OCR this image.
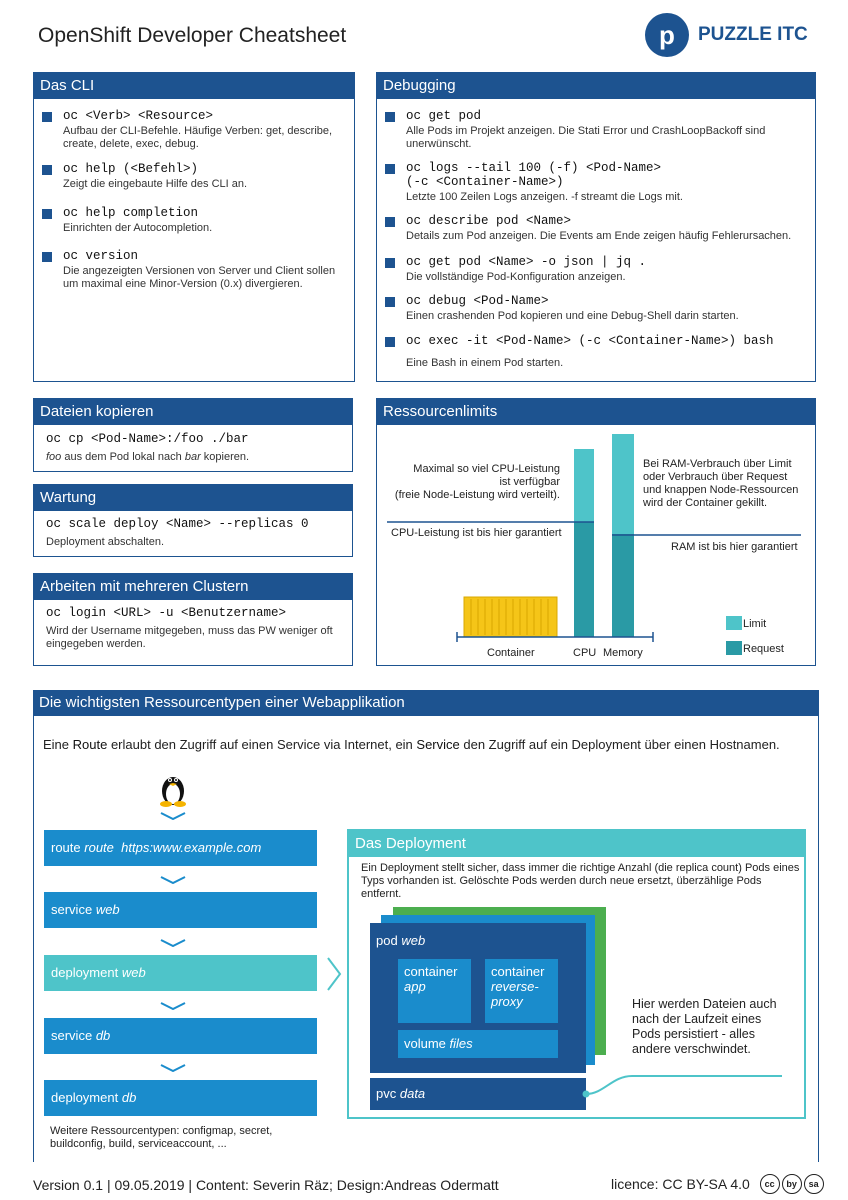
OpenShift Developer Cheatsheet	p	PUZZLE ITC
Das CLI
oc <Verb> <Resource>
Aufbau der CLI-Befehle. Häufige Verben: get, describe, create, delete, exec, debug.
oc help (<Befehl>)
Zeigt die eingebaute Hilfe des CLI an.
oc help completion
Einrichten der Autocompletion.
oc version
Die angezeigten Versionen von Server und Client sollen um maximal eine Minor-Version (0.x) divergieren.
Debugging
oc get pod
Alle Pods im Projekt anzeigen. Die Stati Error und CrashLoopBackoff sind unerwünscht.
oc logs --tail 100 (-f) <Pod-Name>
(-c <Container-Name>)
Letzte 100 Zeilen Logs anzeigen. -f streamt die Logs mit.
oc describe pod <Name>
Details zum Pod anzeigen. Die Events am Ende zeigen häufig Fehlerursachen.
oc get pod <Name> -o json | jq .
Die vollständige Pod-Konfiguration anzeigen.
oc debug <Pod-Name>
Einen crashenden Pod kopieren und eine Debug-Shell darin starten.
oc exec -it <Pod-Name> (-c <Container-Name>) bash
Eine Bash in einem Pod starten.
Dateien kopieren
oc cp <Pod-Name>:/foo ./bar
foo aus dem Pod lokal nach bar kopieren.
Wartung
oc scale deploy <Name> --replicas 0
Deployment abschalten.
Arbeiten mit mehreren Clustern
oc login <URL> -u <Benutzername>
Wird der Username mitgegeben, muss das PW weniger oft eingegeben werden.
Ressourcenlimits
Maximal so viel CPU-Leistung
ist verfügbar
(freie Node-Leistung wird verteilt).
CPU-Leistung ist bis hier garantiert
Bei RAM-Verbrauch über Limit
oder Verbrauch über Request
und knappen Node-Ressourcen
wird der Container gekillt.
RAM ist bis hier garantiert
Container	CPU Memory
Limit
Request
Die wichtigsten Ressourcentypen einer Webapplikation
Eine Route erlaubt den Zugriff auf einen Service via Internet, ein Service den Zugriff auf ein Deployment über einen Hostnamen.
route route https:www.example.com
service web
deployment web
service db
deployment db
Weitere Ressourcentypen: configmap, secret, buildconfig, build, serviceaccount, ...
Das Deployment
Ein Deployment stellt sicher, dass immer die richtige Anzahl (die replica count) Pods eines Typs vorhanden ist. Gelöschte Pods werden durch neue ersetzt, überzählige Pods entfernt.
pod web
container
app
container
reverse-
proxy
volume files
pvc data
Hier werden Dateien auch nach der Laufzeit eines Pods persistiert - alles andere verschwindet.
Version 0.1 | 09.05.2019 | Content: Severin Räz; Design:Andreas Odermatt	licence: CC BY-SA 4.0 cc by sa
